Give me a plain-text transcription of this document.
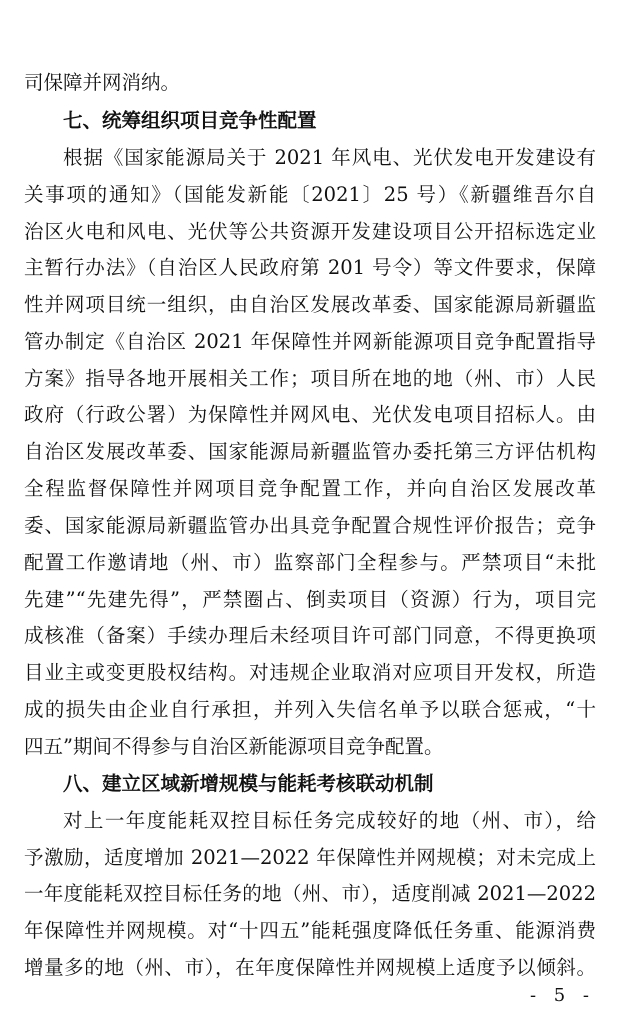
司保障并网消纳。
七、统筹组织项目竞争性配置
根据《国家能源局关于 2021 年风电、光伏发电开发建设有
关事项的通知》（国能发新能〔2021〕25 号）《新疆维吾尔自
治区火电和风电、光伏等公共资源开发建设项目公开招标选定业
主暂行办法》（自治区人民政府第 201 号令）等文件要求，保障
性并网项目统一组织，由自治区发展改革委、国家能源局新疆监
管办制定《自治区 2021 年保障性并网新能源项目竞争配置指导
方案》指导各地开展相关工作；项目所在地的地（州、市）人民
政府（行政公署）为保障性并网风电、光伏发电项目招标人。由
自治区发展改革委、国家能源局新疆监管办委托第三方评估机构
全程监督保障性并网项目竞争配置工作，并向自治区发展改革
委、国家能源局新疆监管办出具竞争配置合规性评价报告；竞争
配置工作邀请地（州、市）监察部门全程参与。严禁项目“未批
先建”“先建先得”，严禁圈占、倒卖项目（资源）行为，项目完
成核准（备案）手续办理后未经项目许可部门同意，不得更换项
目业主或变更股权结构。对违规企业取消对应项目开发权，所造
成的损失由企业自行承担，并列入失信名单予以联合惩戒，“十
四五”期间不得参与自治区新能源项目竞争配置。
八、建立区域新增规模与能耗考核联动机制
对上一年度能耗双控目标任务完成较好的地（州、市），给
予激励，适度增加 2021—2022 年保障性并网规模；对未完成上
一年度能耗双控目标任务的地（州、市），适度削减 2021—2022
年保障性并网规模。对“十四五”能耗强度降低任务重、能源消费
增量多的地（州、市），在年度保障性并网规模上适度予以倾斜。
- 5 -
